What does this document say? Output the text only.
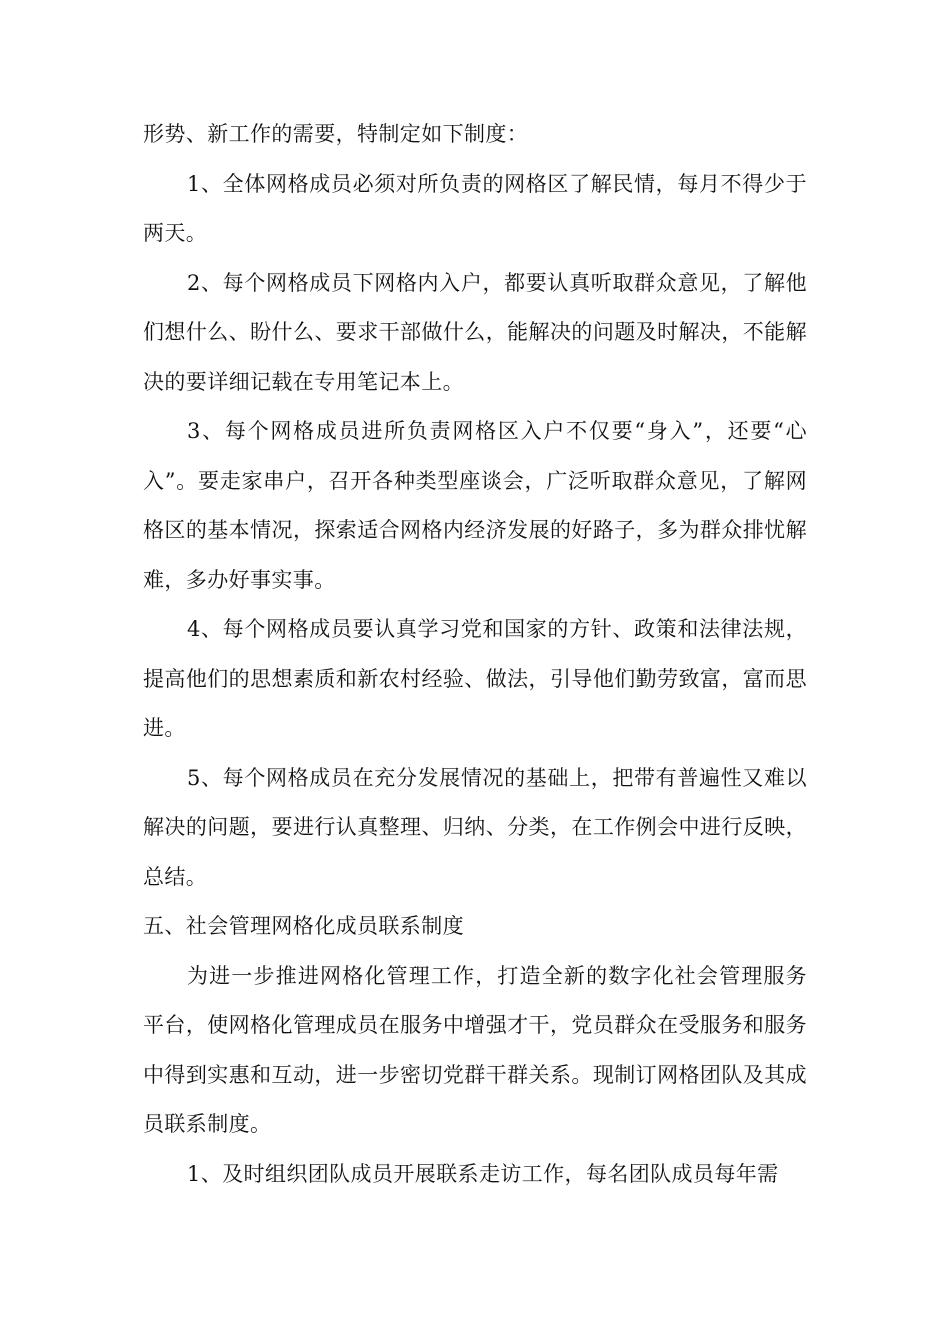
形势、新工作的需要，特制定如下制度：

1、全体网格成员必须对所负责的网格区了解民情，每月不得少于两天。

2、每个网格成员下网格内入户，都要认真听取群众意见，了解他们想什么、盼什么、要求干部做什么，能解决的问题及时解决，不能解决的要详细记载在专用笔记本上。

3、每个网格成员进所负责网格区入户不仅要“身入”，还要“心入”。要走家串户，召开各种类型座谈会，广泛听取群众意见，了解网格区的基本情况，探索适合网格内经济发展的好路子，多为群众排忧解难，多办好事实事。

4、每个网格成员要认真学习党和国家的方针、政策和法律法规，提高他们的思想素质和新农村经验、做法，引导他们勤劳致富，富而思进。

5、每个网格成员在充分发展情况的基础上，把带有普遍性又难以解决的问题，要进行认真整理、归纳、分类，在工作例会中进行反映，总结。

五、社会管理网格化成员联系制度

为进一步推进网格化管理工作，打造全新的数字化社会管理服务平台，使网格化管理成员在服务中增强才干，党员群众在受服务和服务中得到实惠和互动，进一步密切党群干群关系。现制订网格团队及其成员联系制度。

1、及时组织团队成员开展联系走访工作，每名团队成员每年需
